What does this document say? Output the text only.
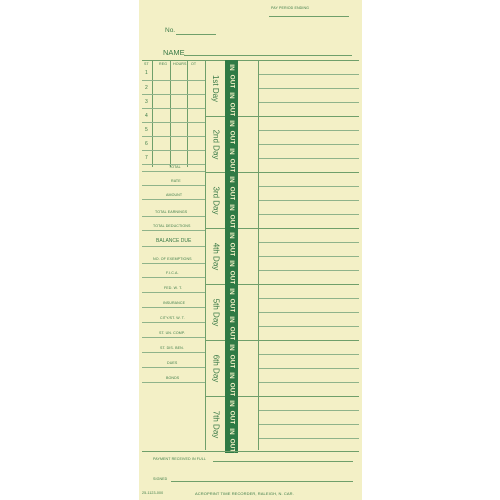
PAY PERIOD ENDING
No.
NAME
ST	REG HOURS OT
1
2
3
4
5
6
7
TOTAL
RATE
AMOUNT
TOTAL EARNINGS
TOTAL DEDUCTIONS
BALANCE DUE
NO. OF EXEMPTIONS
F.I.C.A.
FED. W. T.
INSURANCE
CITY/ST. W. T.
ST. UN. COMP.
ST. DIS. BEN.
DUES
BONDS
1st Day
2nd Day
3rd Day
4th Day
5th Day
6th Day
7th Day
IN
OUT
IN
OUT
IN
OUT
IN
OUT
IN
OUT
IN
OUT
IN
OUT
IN
OUT
IN
OUT
IN
OUT
IN
OUT
IN
OUT
IN
OUT
IN
OUT
PAYMENT RECEIVED IN FULL
SIGNED
25-1123-000	ACROPRINT TIME RECORDER, RALEIGH, N. CAR.
